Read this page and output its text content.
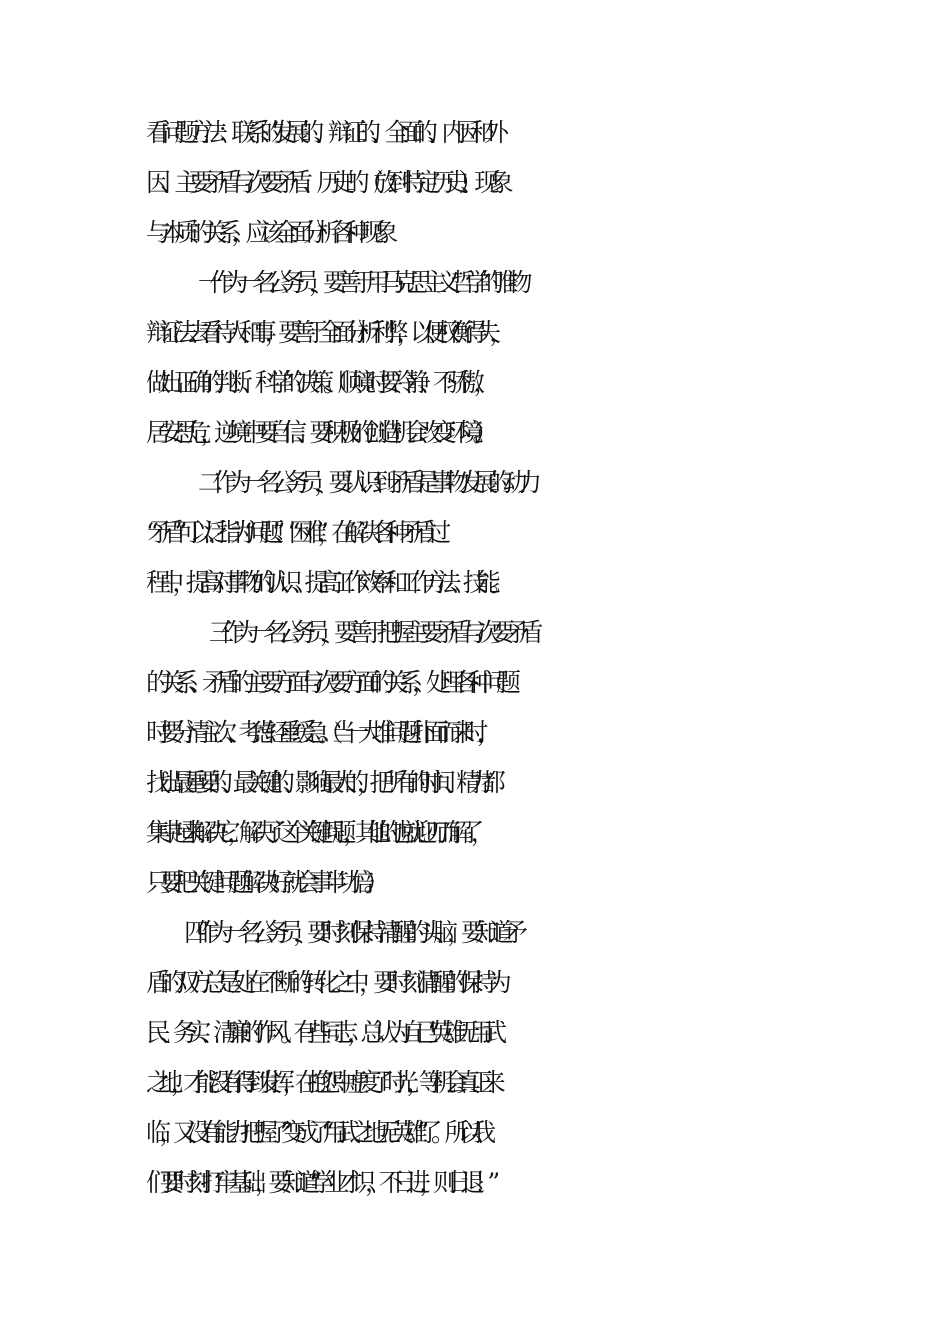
看问题方法：联系的 发展的、辩证的、全面的、内因和外
因、主要矛盾与次要矛盾、历史的（放到特定历史）、现象
与本质的关系，应该全面分析各种现象
一 作为一名公务员，要善于用马克思主义哲学的唯物
辩证法去看待人和事，要善于全面分析利弊，以便权衡得失，
做出正确的判断、科学的决策。（顺境时要冷静、不骄傲，
居安思危，逆境中要自信、要积极的创造机会改变环境。）
二作为一名公务员，要认识到矛盾是事物发展的动力
“矛盾”可以泛指为“问题”、“困难”，在解决各种矛盾过
程中，提高对事物的认识、提高工作效率和工作方法、技能。
三 作为一名公务员，要善于把握主要矛盾与次要矛盾
的关系、矛盾的主要方面与次要方面的关系，处理各种问题
时要分清主次、考虑轻重缓急。（当一大堆问题扑面而来时，
找出最重要的、最关键的、影响最大的，把所有的时间、精力都
集中起来解决它，解决了这个关键问题，其他的也就迎刃而解了，
只要把关键问题解决好就会事半功倍。）
四 作为一名公务员，要时刻保持清醒的头脑，要知道矛
盾的双方总是处在不断的转化之中，要时刻清醒的保持为
民、务实、清廉的作风。有些同志，总认为自己“英雄无用武
之地，才能没有得到发挥，在抱怨中虚度了时光，等机会真正来
临，又没有能力把握了”变成了“用武之地无英雄”了。所以我
们要时刻打牢基础，要知道“学业才识，不日进，则日退！”
